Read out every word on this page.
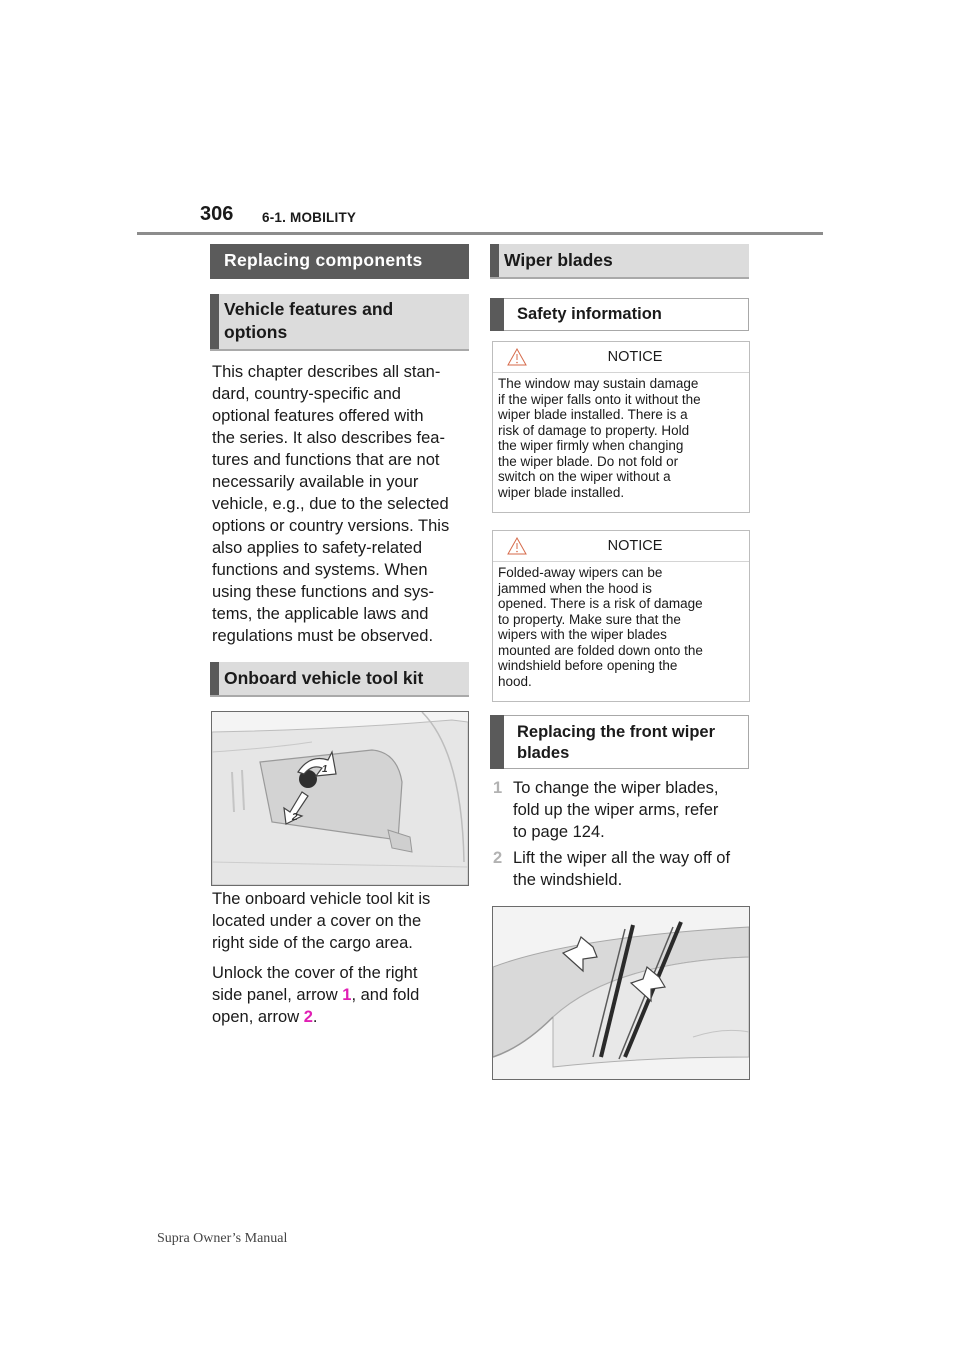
306 6-1. MOBILITY
Replacing components
Vehicle features and options
This chapter describes all stan-
dard, country-specific and
optional features offered with
the series. It also describes fea-
tures and functions that are not
necessarily available in your
vehicle, e.g., due to the selected
options or country versions. This
also applies to safety-related
functions and systems. When
using these functions and sys-
tems, the applicable laws and
regulations must be observed.
Onboard vehicle tool kit
1
2
The onboard vehicle tool kit is
located under a cover on the
right side of the cargo area.
Unlock the cover of the right
side panel, arrow 1, and fold
open, arrow 2.
Wiper blades
Safety information
NOTICE
The window may sustain damage
if the wiper falls onto it without the
wiper blade installed. There is a
risk of damage to property. Hold
the wiper firmly when changing
the wiper blade. Do not fold or
switch on the wiper without a
wiper blade installed.
NOTICE
Folded-away wipers can be
jammed when the hood is
opened. There is a risk of damage
to property. Make sure that the
wipers with the wiper blades
mounted are folded down onto the
windshield before opening the
hood.
Replacing the front wiper
blades
1 To change the wiper blades,
fold up the wiper arms, refer
to page 124.
2 Lift the wiper all the way off of
the windshield.
Supra Owner’s Manual
